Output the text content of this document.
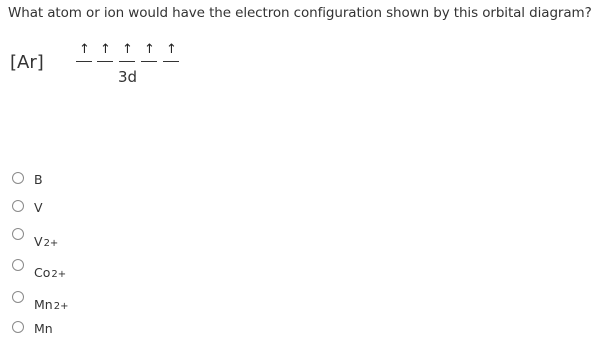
What atom or ion would have the electron configuration shown by this orbital diagram?
[Ar]
↑ ↑ ↑ ↑ ↑
3d
B
V
$V_{2+}$
$Co_{2+}$
$Mn_{2+}$
Mn
